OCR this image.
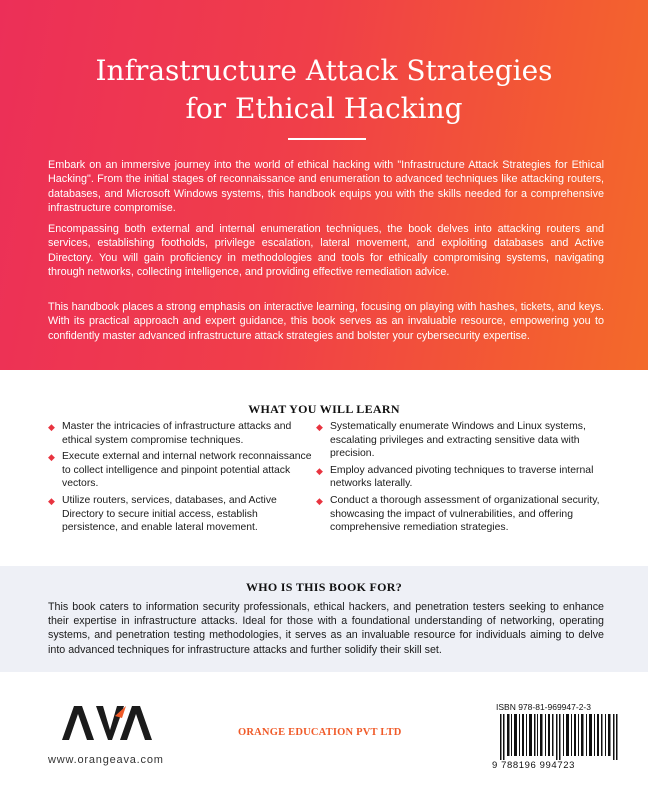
Infrastructure Attack Strategies
for Ethical Hacking

Embark on an immersive journey into the world of ethical hacking with "Infrastructure Attack Strategies for Ethical Hacking". From the initial stages of reconnaissance and enumeration to advanced techniques like attacking routers, databases, and Microsoft Windows systems, this handbook equips you with the skills needed for a comprehensive infrastructure compromise.

Encompassing both external and internal enumeration techniques, the book delves into attacking routers and services, establishing footholds, privilege escalation, lateral movement, and exploiting databases and Active Directory. You will gain proficiency in methodologies and tools for ethically compromising systems, navigating through networks, collecting intelligence, and providing effective remediation advice.

This handbook places a strong emphasis on interactive learning, focusing on playing with hashes, tickets, and keys. With its practical approach and expert guidance, this book serves as an invaluable resource, empowering you to confidently master advanced infrastructure attack strategies and bolster your cybersecurity expertise.

WHAT YOU WILL LEARN
◆ Master the intricacies of infrastructure attacks and ethical system compromise techniques.
◆ Execute external and internal network reconnaissance to collect intelligence and pinpoint potential attack vectors.
◆ Utilize routers, services, databases, and Active Directory to secure initial access, establish persistence, and enable lateral movement.
◆ Systematically enumerate Windows and Linux systems, escalating privileges and extracting sensitive data with precision.
◆ Employ advanced pivoting techniques to traverse internal networks laterally.
◆ Conduct a thorough assessment of organizational security, showcasing the impact of vulnerabilities, and offering comprehensive remediation strategies.
WHO IS THIS BOOK FOR?

This book caters to information security professionals, ethical hackers, and penetration testers seeking to enhance their expertise in infrastructure attacks. Ideal for those with a foundational understanding of networking, operating systems, and penetration testing methodologies, it serves as an invaluable resource for individuals aiming to delve into advanced techniques for infrastructure attacks and further solidify their skill set.

www.orangeava.com

ORANGE EDUCATION PVT LTD

ISBN 978-81-969947-2-3

9 788196 994723
